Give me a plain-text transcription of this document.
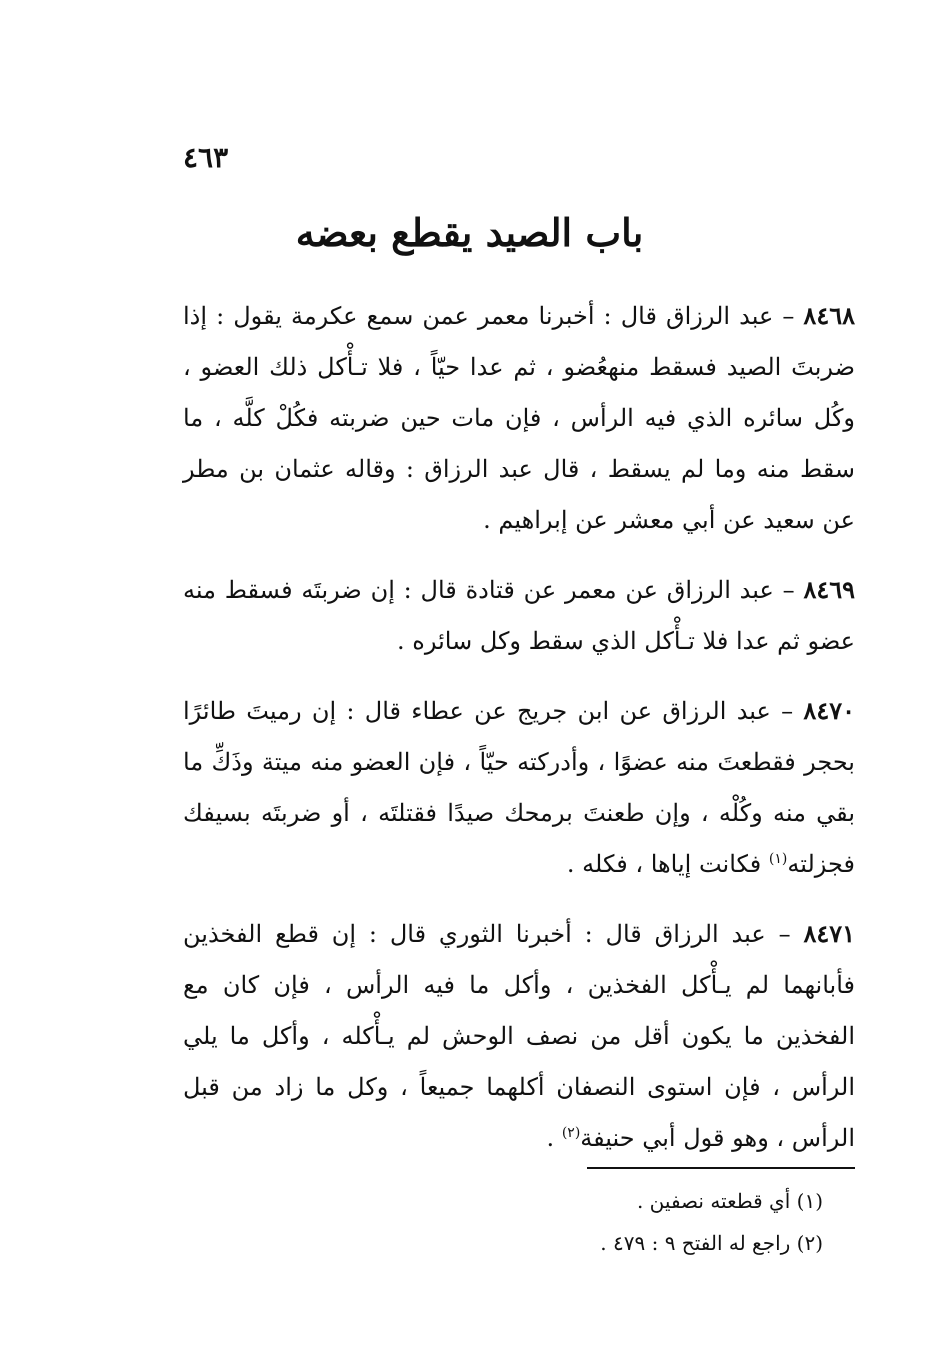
٤٦٣
باب الصيد يقطع بعضه

٨٤٦٨ – عبد الرزاق قال : أخبرنا معمر عمن سمع عكرمة يقول : إذا ضربتَ الصيد فسقط منهعُضو ، ثم عدا حيّاً ، فلا تـأْكل ذلك العضو ، وكُل سائره الذي فيه الرأس ، فإن مات حين ضربته فكُلْ كلَّه ، ما سقط منه وما لم يسقط ، قال عبد الرزاق : وقاله عثمان بن مطر عن سعيد عن أبي معشر عن إبراهيم .

٨٤٦٩ – عبد الرزاق عن معمر عن قتادة قال : إن ضربتَه فسقط منه عضو ثم عدا فلا تـأْكل الذي سقط وكل سائره .

٨٤٧٠ – عبد الرزاق عن ابن جريج عن عطاء قال : إن رميتَ طائرًا بحجر فقطعتَ منه عضوًا ، وأدركته حيّاً ، فإن العضو منه ميتة وذَكِّ ما بقي منه وكُلْه ، وإن طعنتَ برمحك صيدًا فقتلتَه ، أو ضربتَه بسيفك فجزلته$^{(١)}$ فكانت إياها ، فكله .

٨٤٧١ – عبد الرزاق قال : أخبرنا الثوري قال : إن قطع الفخذين فأبانهما لم يـأْكل الفخذين ، وأكل ما فيه الرأس ، فإن كان مع الفخذين ما يكون أقل من نصف الوحش لم يـأْكله ، وأكل ما يلي الرأس ، فإن استوى النصفان أكلهما جميعاً ، وكل ما زاد من قبل الرأس ، وهو قول أبي حنيفة$^{(٢)}$ .

(١) أي قطعته نصفين .

(٢) راجع له الفتح ٩ : ٤٧٩ .
